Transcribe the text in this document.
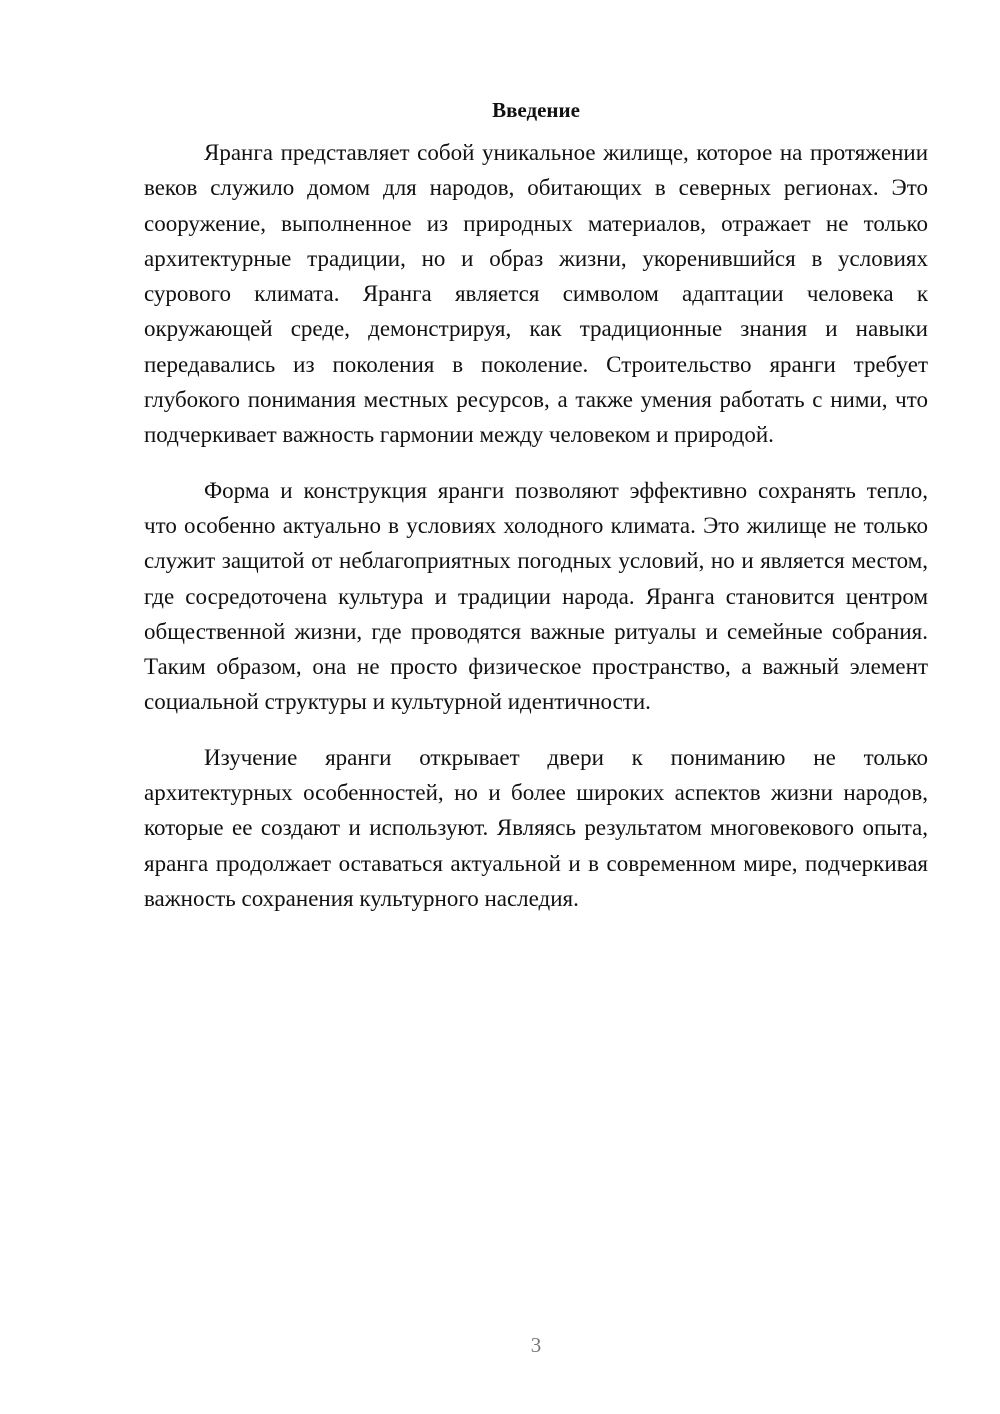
Введение

Яранга представляет собой уникальное жилище, которое на протяжении веков служило домом для народов, обитающих в северных регионах. Это сооружение, выполненное из природных материалов, отражает не только архитектурные традиции, но и образ жизни, укоренившийся в условиях сурового климата. Яранга является символом адаптации человека к окружающей среде, демонстрируя, как традиционные знания и навыки передавались из поколения в поколение. Строительство яранги требует глубокого понимания местных ресурсов, а также умения работать с ними, что подчеркивает важность гармонии между человеком и природой.

Форма и конструкция яранги позволяют эффективно сохранять тепло, что особенно актуально в условиях холодного климата. Это жилище не только служит защитой от неблагоприятных погодных условий, но и является местом, где сосредоточена культура и традиции народа. Яранга становится центром общественной жизни, где проводятся важные ритуалы и семейные собрания. Таким образом, она не просто физическое пространство, а важный элемент социальной структуры и культурной идентичности.

Изучение яранги открывает двери к пониманию не только архитектурных особенностей, но и более широких аспектов жизни народов, которые ее создают и используют. Являясь результатом многовекового опыта, яранга продолжает оставаться актуальной и в современном мире, подчеркивая важность сохранения культурного наследия.

3
